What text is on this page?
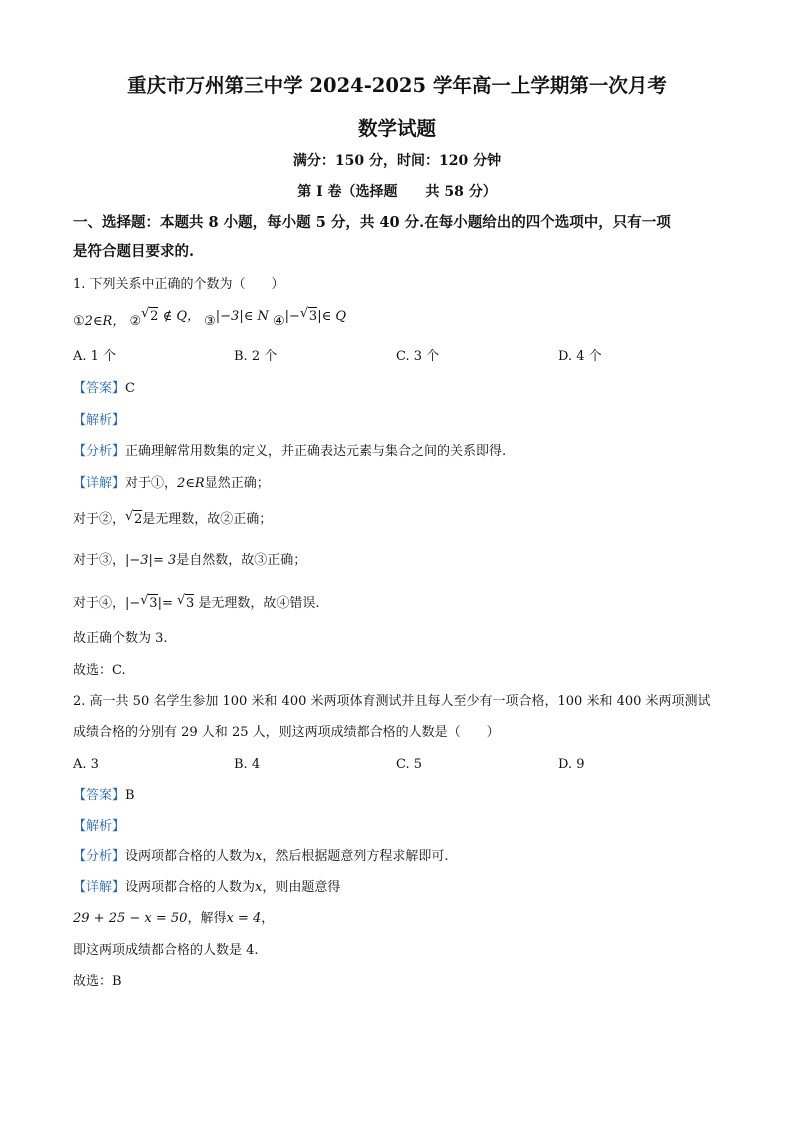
重庆市万州第三中学 2024-2025 学年高一上学期第一次月考
数学试题
满分：150 分，时间：120 分钟
第 I 卷（选择题　　共 58 分）
一、选择题：本题共 8 小题，每小题 5 分，共 40 分.在每小题给出的四个选项中，只有一项
是符合题目要求的.
1. 下列关系中正确的个数为（　　）
①2∈R， ② √ 2 ∉ Q， ③|−3|∈ N ④|− √ 3|∈ Q
A. 1 个	B. 2 个	C. 3 个	D. 4 个
【答案】C
【解析】
【分析】正确理解常用数集的定义，并正确表达元素与集合之间的关系即得.
【详解】对于①，2∈R显然正确；
对于②， √ 2是无理数，故②正确；
对于③，|−3|= 3是自然数，故③正确；
对于④，|− √ 3|= √ 3 是无理数，故④错误.
故正确个数为 3.
故选：C.
2. 高一共 50 名学生参加 100 米和 400 米两项体育测试并且每人至少有一项合格，100 米和 400 米两项测试
成绩合格的分别有 29 人和 25 人，则这两项成绩都合格的人数是（　　）
A. 3	B. 4	C. 5	D. 9
【答案】B
【解析】
【分析】设两项都合格的人数为x，然后根据题意列方程求解即可.
【详解】设两项都合格的人数为x，则由题意得
29 + 25 − x = 50，解得x = 4，
即这两项成绩都合格的人数是 4.
故选：B
